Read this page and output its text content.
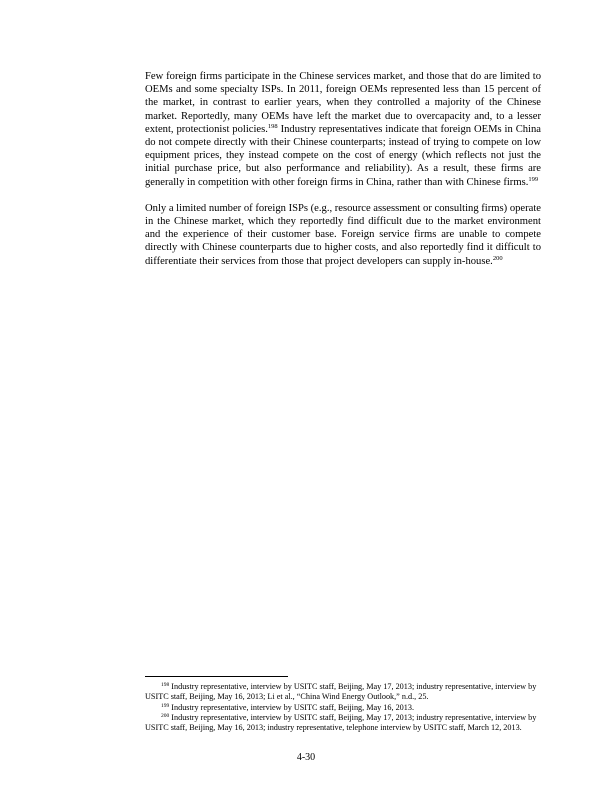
Few foreign firms participate in the Chinese services market, and those that do are limited to OEMs and some specialty ISPs. In 2011, foreign OEMs represented less than 15 percent of the market, in contrast to earlier years, when they controlled a majority of the Chinese market. Reportedly, many OEMs have left the market due to overcapacity and, to a lesser extent, protectionist policies.$^{198}$ Industry representatives indicate that foreign OEMs in China do not compete directly with their Chinese counterparts; instead of trying to compete on low equipment prices, they instead compete on the cost of energy (which reflects not just the initial purchase price, but also performance and reliability). As a result, these firms are generally in competition with other foreign firms in China, rather than with Chinese firms.$^{199}$

Only a limited number of foreign ISPs (e.g., resource assessment or consulting firms) operate in the Chinese market, which they reportedly find difficult due to the market environment and the experience of their customer base. Foreign service firms are unable to compete directly with Chinese counterparts due to higher costs, and also reportedly find it difficult to differentiate their services from those that project developers can supply in-house.$^{200}$

$^{198}$ Industry representative, interview by USITC staff, Beijing, May 17, 2013; industry representative, interview by USITC staff, Beijing, May 16, 2013; Li et al., “China Wind Energy Outlook,” n.d., 25.

$^{199}$ Industry representative, interview by USITC staff, Beijing, May 16, 2013.

$^{200}$ Industry representative, interview by USITC staff, Beijing, May 17, 2013; industry representative, interview by USITC staff, Beijing, May 16, 2013; industry representative, telephone interview by USITC staff, March 12, 2013.

4-30
